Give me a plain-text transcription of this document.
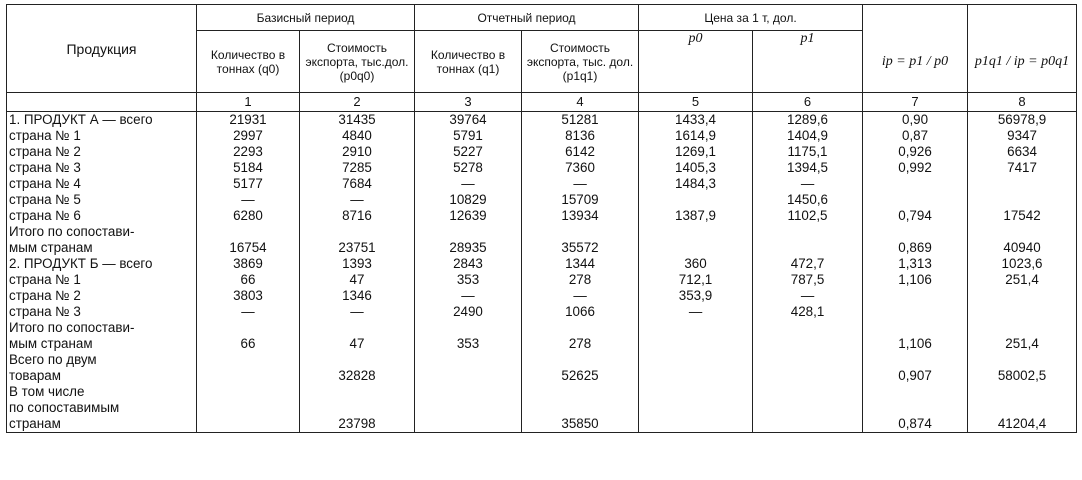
Продукция	Базисный период		Отчетный период		Цена за 1 т, дол.			
	Количество в тоннах (q0)	Стоимость экспорта, тыс.дол. (p0q0)	Количество в тоннах (q1)	Стоимость экспорта, тыс. дол. (p1q1)	p0	p1	ip = p1 / p0	p1q1 / ip = p0q1
	1	2	3	4	5	6	7	8
1. ПРОДУКТ А — всего	21931	31435	39764	51281	1433,4	1289,6	0,90	56978,9
страна № 1	2997	4840	5791	8136	1614,9	1404,9	0,87	9347
страна № 2	2293	2910	5227	6142	1269,1	1175,1	0,926	6634
страна № 3	5184	7285	5278	7360	1405,3	1394,5	0,992	7417
страна № 4	5177	7684	—	—	1484,3	—		
страна № 5	—	—	10829	15709		1450,6		
страна № 6	6280	8716	12639	13934	1387,9	1102,5	0,794	17542
Итого по сопостави-								
мым странам	16754	23751	28935	35572			0,869	40940
2. ПРОДУКТ Б — всего	3869	1393	2843	1344	360	472,7	1,313	1023,6
страна № 1	66	47	353	278	712,1	787,5	1,106	251,4
страна № 2	3803	1346	—	—	353,9	—		
страна № 3	—	—	2490	1066	—	428,1		
Итого по сопостави-								
мым странам	66	47	353	278			1,106	251,4
Всего по двум								
товарам		32828		52625			0,907	58002,5
В том числе								
по сопоставимым								
странам		23798		35850			0,874	41204,4
